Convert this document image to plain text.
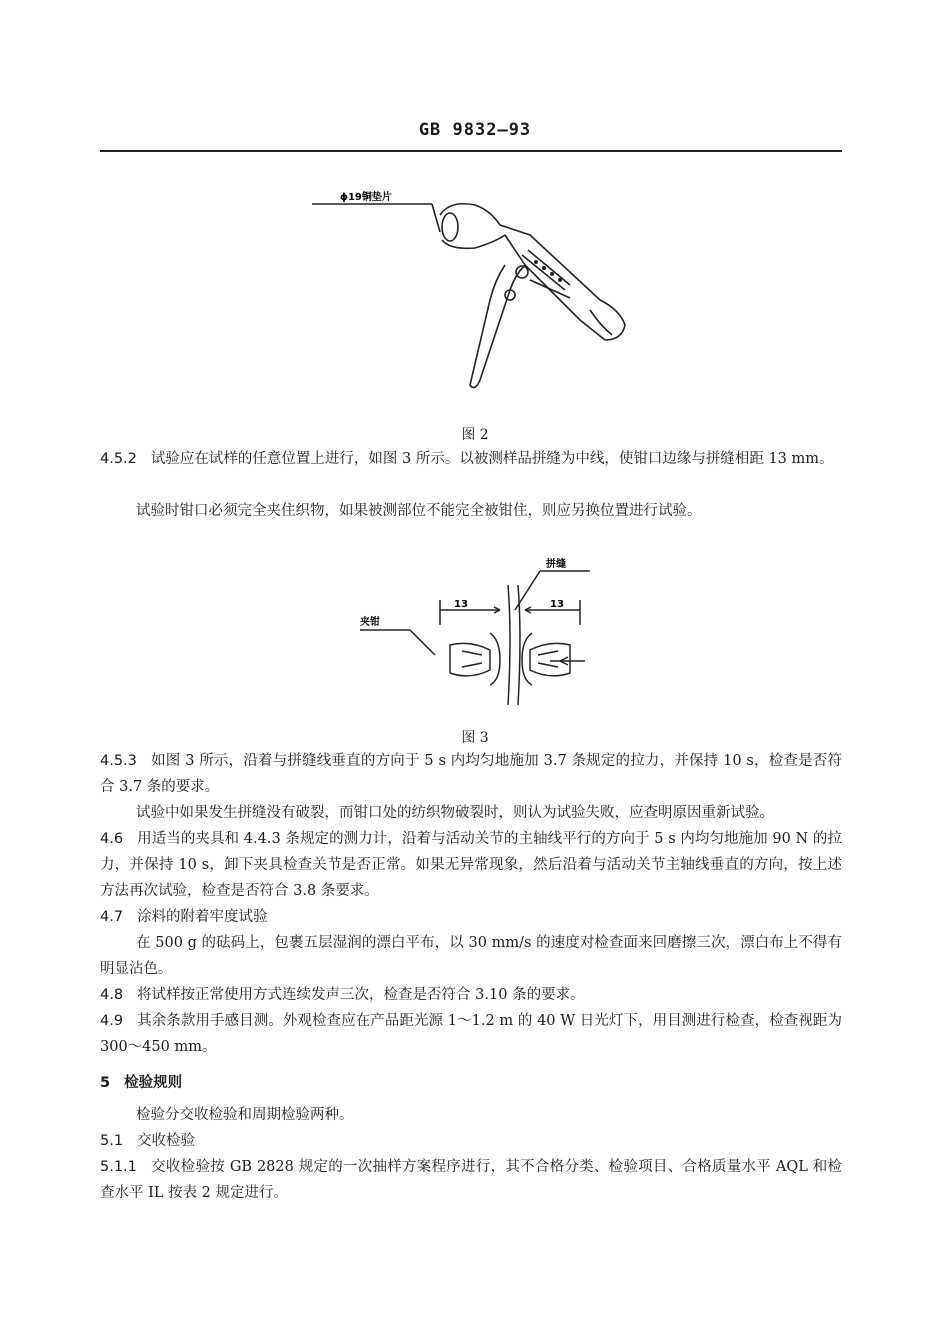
GB 9832—93
ϕ19铜垫片
图 2
4.5.2 试验应在试样的任意位置上进行，如图 3 所示。以被测样品拼缝为中线，使钳口边缘与拼缝相距 13 mm。
试验时钳口必须完全夹住织物，如果被测部位不能完全被钳住，则应另换位置进行试验。
拼缝
夹钳
13	13
图 3
4.5.3 如图 3 所示，沿着与拼缝线垂直的方向于 5 s 内均匀地施加 3.7 条规定的拉力，并保持 10 s，检查是否符合 3.7 条的要求。
试验中如果发生拼缝没有破裂，而钳口处的纺织物破裂时，则认为试验失败，应查明原因重新试验。
4.6 用适当的夹具和 4.4.3 条规定的测力计，沿着与活动关节的主轴线平行的方向于 5 s 内均匀地施加 90 N 的拉力，并保持 10 s，卸下夹具检查关节是否正常。如果无异常现象，然后沿着与活动关节主轴线垂直的方向，按上述方法再次试验，检查是否符合 3.8 条要求。
4.7 涂料的附着牢度试验
在 500 g 的砝码上，包裹五层湿润的漂白平布，以 30 mm/s 的速度对检查面来回磨擦三次，漂白布上不得有明显沾色。
4.8 将试样按正常使用方式连续发声三次，检查是否符合 3.10 条的要求。
4.9 其余条款用手感目测。外观检查应在产品距光源 1～1.2 m 的 40 W 日光灯下，用目测进行检查，检查视距为 300～450 mm。
5 检验规则
检验分交收检验和周期检验两种。
5.1 交收检验
5.1.1 交收检验按 GB 2828 规定的一次抽样方案程序进行，其不合格分类、检验项目、合格质量水平 AQL 和检查水平 IL 按表 2 规定进行。
